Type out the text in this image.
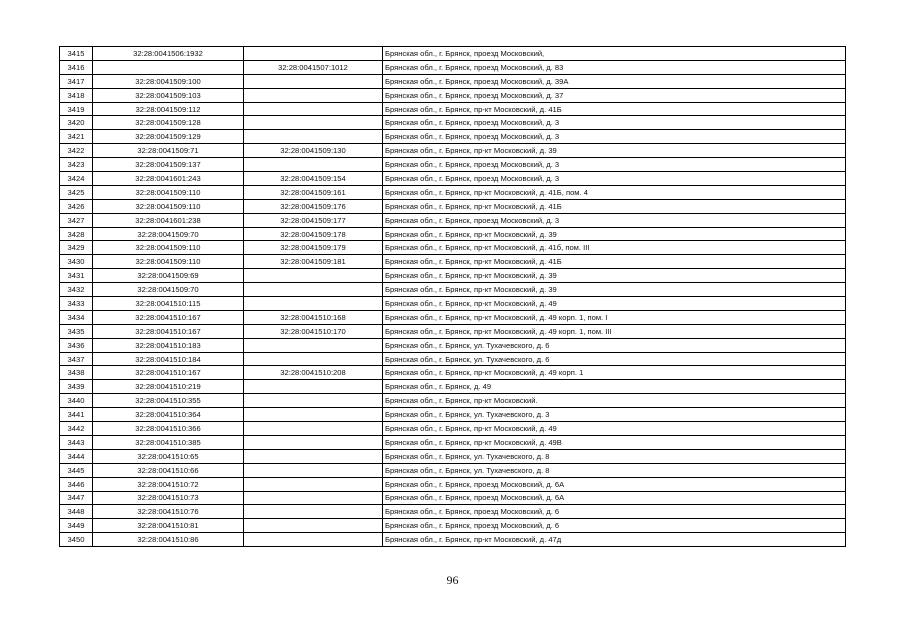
3415	32:28:0041506:1932		Брянская обл., г. Брянск, проезд Московский,
3416		32:28:0041507:1012	Брянская обл., г. Брянск, проезд Московский, д. 83
3417	32:28:0041509:100		Брянская обл., г. Брянск, проезд Московский, д. 39А
3418	32:28:0041509:103		Брянская обл., г. Брянск, проезд Московский, д. 37
3419	32:28:0041509:112		Брянская обл., г. Брянск, пр-кт Московский, д. 41Б
3420	32:28:0041509:128		Брянская обл., г. Брянск, проезд Московский, д. 3
3421	32:28:0041509:129		Брянская обл., г. Брянск, проезд Московский, д. 3
3422	32:28:0041509:71	32:28:0041509:130	Брянская обл., г. Брянск, пр-кт Московский, д. 39
3423	32:28:0041509:137		Брянская обл., г. Брянск, проезд Московский, д. 3
3424	32:28:0041601:243	32:28:0041509:154	Брянская обл., г. Брянск, проезд Московский, д. 3
3425	32:28:0041509:110	32:28:0041509:161	Брянская обл., г. Брянск, пр-кт Московский, д. 41Б, пом. 4
3426	32:28:0041509:110	32:28:0041509:176	Брянская обл., г. Брянск, пр-кт Московский, д. 41Б
3427	32:28:0041601:238	32:28:0041509:177	Брянская обл., г. Брянск, проезд Московский, д. 3
3428	32:28:0041509:70	32:28:0041509:178	Брянская обл., г. Брянск, пр-кт Московский, д. 39
3429	32:28:0041509:110	32:28:0041509:179	Брянская обл., г. Брянск, пр-кт Московский, д. 41б, пом. III
3430	32:28:0041509:110	32:28:0041509:181	Брянская обл., г. Брянск, пр-кт Московский, д. 41Б
3431	32:28:0041509:69		Брянская обл., г. Брянск, пр-кт Московский, д. 39
3432	32:28:0041509:70		Брянская обл., г. Брянск, пр-кт Московский, д. 39
3433	32:28:0041510:115		Брянская обл., г. Брянск, пр-кт Московский, д. 49
3434	32:28:0041510:167	32:28:0041510:168	Брянская обл., г. Брянск, пр-кт Московский, д. 49 корп. 1, пом. I
3435	32:28:0041510:167	32:28:0041510:170	Брянская обл., г. Брянск, пр-кт Московский, д. 49 корп. 1, пом. III
3436	32:28:0041510:183		Брянская обл., г. Брянск, ул. Тухачевского, д. 6
3437	32:28:0041510:184		Брянская обл., г. Брянск, ул. Тухачевского, д. 6
3438	32:28:0041510:167	32:28:0041510:208	Брянская обл., г. Брянск, пр-кт Московский, д. 49 корп. 1
3439	32:28:0041510:219		Брянская обл., г. Брянск, д. 49
3440	32:28:0041510:355		Брянская обл., г. Брянск, пр-кт Московский.
3441	32:28:0041510:364		Брянская обл., г. Брянск, ул. Тухачевского, д. 3
3442	32:28:0041510:366		Брянская обл., г. Брянск, пр-кт Московский, д. 49
3443	32:28:0041510:385		Брянская обл., г. Брянск, пр-кт Московский, д. 49В
3444	32:28:0041510:65		Брянская обл., г. Брянск, ул. Тухачевского, д. 8
3445	32:28:0041510:66		Брянская обл., г. Брянск, ул. Тухачевского, д. 8
3446	32:28:0041510:72		Брянская обл., г. Брянск, проезд Московский, д. 6А
3447	32:28:0041510:73		Брянская обл., г. Брянск, проезд Московский, д. 6А
3448	32:28:0041510:76		Брянская обл., г. Брянск, проезд Московский, д. 6
3449	32:28:0041510:81		Брянская обл., г. Брянск, проезд Московский, д. 6
3450	32:28:0041510:86		Брянская обл., г. Брянск, пр-кт Московский, д. 47д
96
